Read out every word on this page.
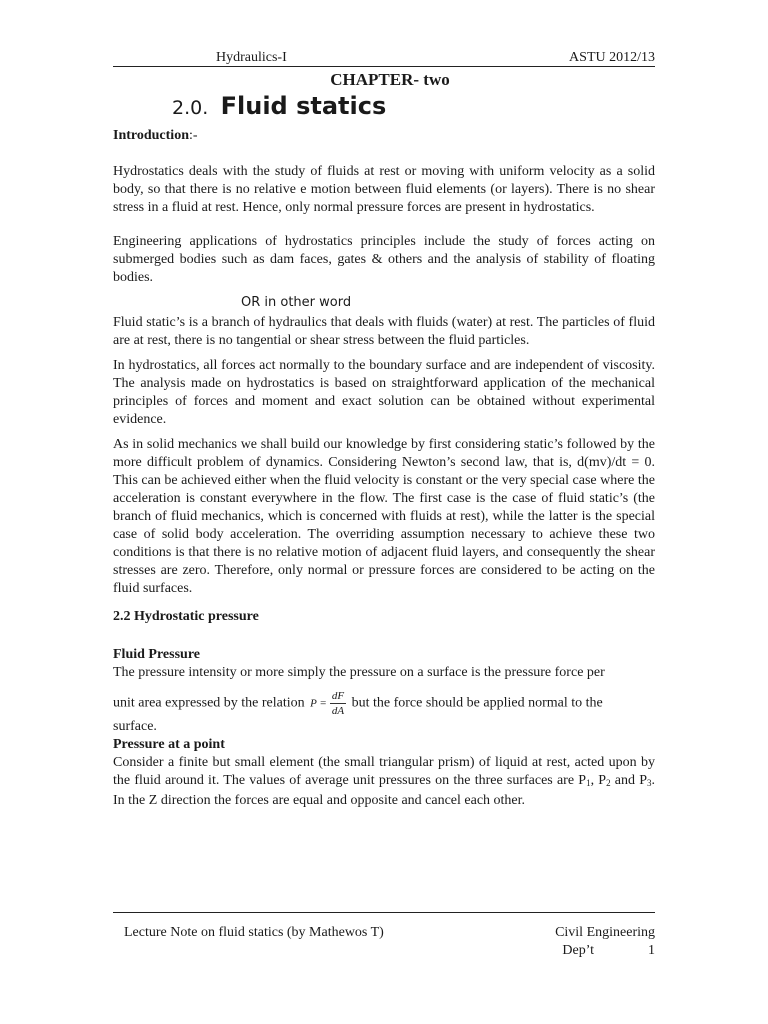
Hydraulics-I	ASTU 2012/13
CHAPTER- two
2.0. Fluid statics

Introduction:-

Hydrostatics deals with the study of fluids at rest or moving with uniform velocity as a solid body, so that there is no relative e motion between fluid elements (or layers). There is no shear stress in a fluid at rest. Hence, only normal pressure forces are present in hydrostatics.

Engineering applications of hydrostatics principles include the study of forces acting on submerged bodies such as dam faces, gates & others and the analysis of stability of floating bodies.

OR in other word

Fluid static’s is a branch of hydraulics that deals with fluids (water) at rest. The particles of fluid are at rest, there is no tangential or shear stress between the fluid particles.

In hydrostatics, all forces act normally to the boundary surface and are independent of viscosity. The analysis made on hydrostatics is based on straightforward application of the mechanical principles of forces and moment and exact solution can be obtained without experimental evidence.

As in solid mechanics we shall build our knowledge by first considering static’s followed by the more difficult problem of dynamics. Considering Newton’s second law, that is, d(mv)/dt = 0. This can be achieved either when the fluid velocity is constant or the very special case where the acceleration is constant everywhere in the flow. The first case is the case of fluid static’s (the branch of fluid mechanics, which is concerned with fluids at rest), while the latter is the special case of solid body acceleration. The overriding assumption necessary to achieve these two conditions is that there is no relative motion of adjacent fluid layers, and consequently the shear stresses are zero. Therefore, only normal or pressure forces are considered to be acting on the fluid surfaces.

2.2 Hydrostatic pressure

Fluid Pressure

The pressure intensity or more simply the pressure on a surface is the pressure force per

unit area expressed by the relation $P = \frac{dF}{dA}$ but the force should be applied normal to the

surface.

Pressure at a point

Consider a finite but small element (the small triangular prism) of liquid at rest, acted upon by the fluid around it. The values of average unit pressures on the three surfaces are $P_1$, $P_2$ and $P_3$. In the Z direction the forces are equal and opposite and cancel each other.

Lecture Note on fluid statics (by Mathewos T)	Civil Engineering
Dep’t	1
